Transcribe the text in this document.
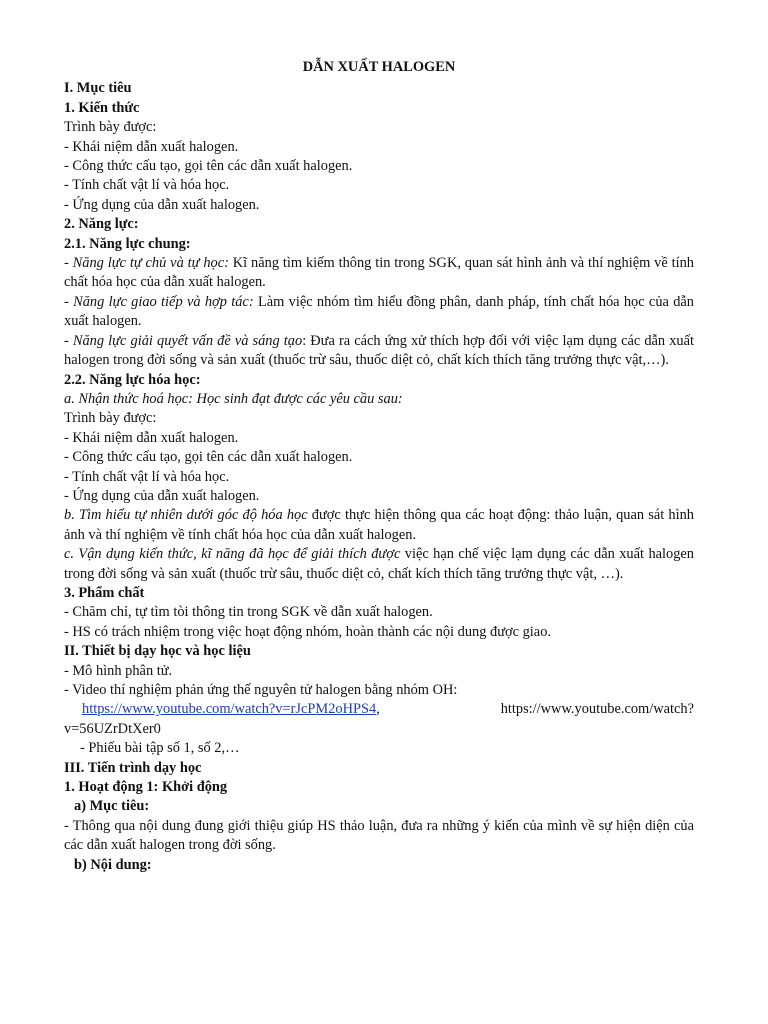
DẪN XUẤT HALOGEN
I. Mục tiêu
1. Kiến thức
Trình bày được:
- Khái niệm dẫn xuất halogen.
- Công thức cấu tạo, gọi tên các dẫn xuất halogen.
- Tính chất vật lí và hóa học.
- Ứng dụng của dẫn xuất halogen.
2. Năng lực:
2.1. Năng lực chung:
- Năng lực tự chủ và tự học: Kĩ năng tìm kiếm thông tin trong SGK, quan sát hình ảnh và thí nghiệm về tính chất hóa học của dẫn xuất halogen.
- Năng lực giao tiếp và hợp tác: Làm việc nhóm tìm hiểu đồng phân, danh pháp, tính chất hóa học của dẫn xuất halogen.
- Năng lực giải quyết vấn đề và sáng tạo: Đưa ra cách ứng xử thích hợp đối với việc lạm dụng các dẫn xuất halogen trong đời sống và sản xuất (thuốc trừ sâu, thuốc diệt cỏ, chất kích thích tăng trưởng thực vật,…).
2.2. Năng lực hóa học:
a. Nhận thức hoá học: Học sinh đạt được các yêu cầu sau:
Trình bày được:
- Khái niệm dẫn xuất halogen.
- Công thức cấu tạo, gọi tên các dẫn xuất halogen.
- Tính chất vật lí và hóa học.
- Ứng dụng của dẫn xuất halogen.
b. Tìm hiểu tự nhiên dưới góc độ hóa học được thực hiện thông qua các hoạt động: thảo luận, quan sát hình ảnh và thí nghiệm về tính chất hóa học của dẫn xuất halogen.
c. Vận dụng kiến thức, kĩ năng đã học để giải thích được việc hạn chế việc lạm dụng các dẫn xuất halogen trong đời sống và sản xuất (thuốc trừ sâu, thuốc diệt cỏ, chất kích thích tăng trưởng thực vật, …).
3. Phẩm chất
- Chăm chỉ, tự tìm tòi thông tin trong SGK về dẫn xuất halogen.
- HS có trách nhiệm trong việc hoạt động nhóm, hoàn thành các nội dung được giao.
II. Thiết bị dạy học và học liệu
- Mô hình phân tử.
- Video thí nghiệm phản ứng thế nguyên tử halogen bằng nhóm OH:
https://www.youtube.com/watch?v=rJcPM2oHPS4,	https://www.youtube.com/watch?
v=56UZrDtXer0
- Phiếu bài tập số 1, số 2,…
III. Tiến trình dạy học
1. Hoạt động 1: Khởi động
a) Mục tiêu:
- Thông qua nội dung đung giới thiệu giúp HS thảo luận, đưa ra những ý kiến của mình về sự hiện diện của các dẫn xuất halogen trong đời sống.
b) Nội dung:
